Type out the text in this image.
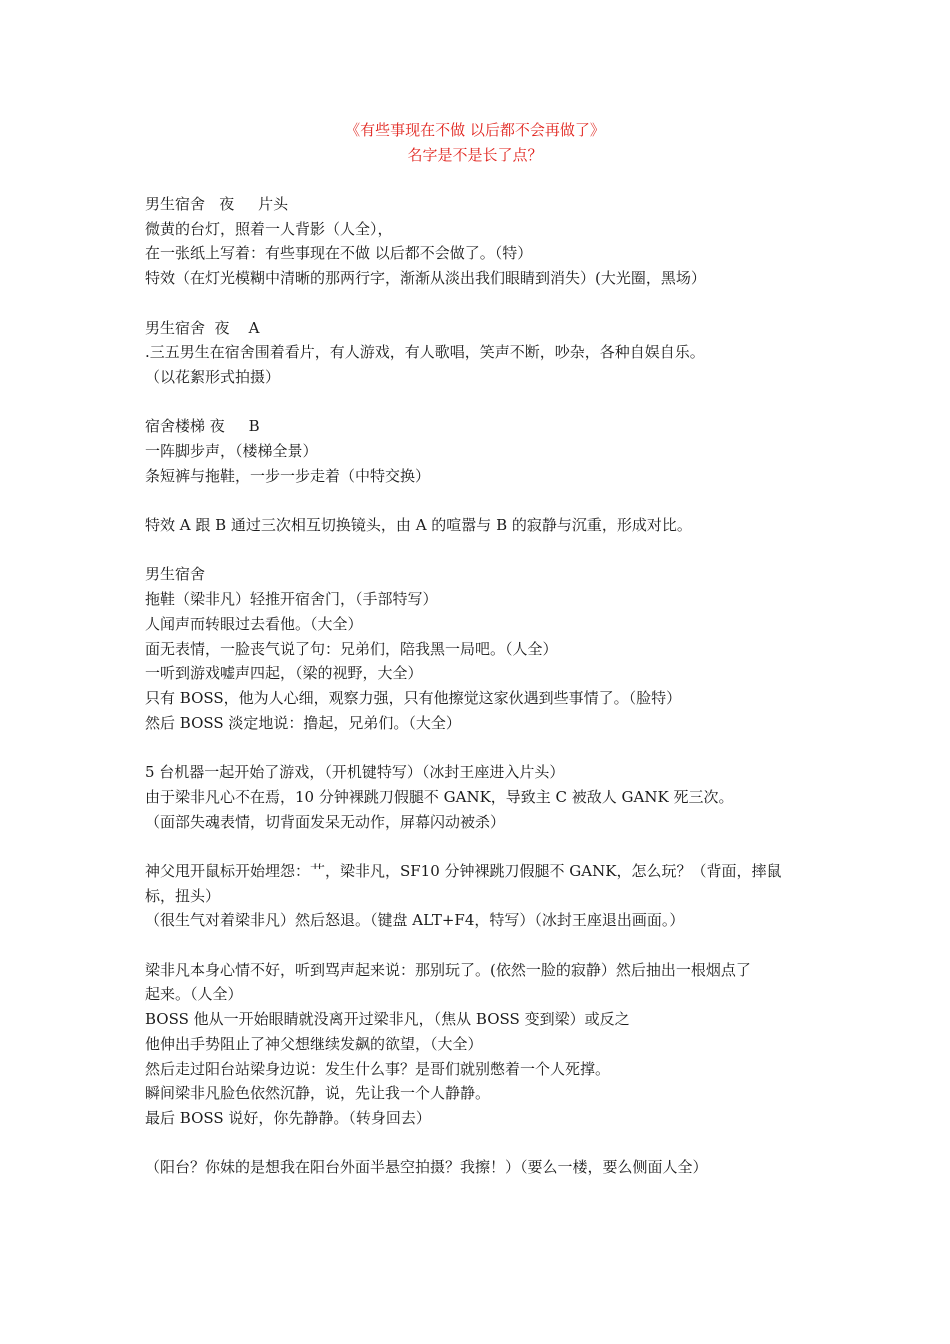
《有些事现在不做 以后都不会再做了》
名字是不是长了点？

男生宿舍   夜     片头

微黄的台灯，照着一人背影（人全），

在一张纸上写着：有些事现在不做 以后都不会做了。（特）

特效（在灯光模糊中清晰的那两行字，渐渐从淡出我们眼睛到消失）(大光圈，黑场）

男生宿舍  夜    A

.三五男生在宿舍围着看片，有人游戏，有人歌唱，笑声不断，吵杂，各种自娱自乐。

（以花絮形式拍摄）

宿舍楼梯 夜     B

一阵脚步声，（楼梯全景）

条短裤与拖鞋，一步一步走着（中特交换）

特效 A 跟 B 通过三次相互切换镜头，由 A 的喧嚣与 B 的寂静与沉重，形成对比。

男生宿舍

拖鞋（梁非凡）轻推开宿舍门，（手部特写）

人闻声而转眼过去看他。（大全）

面无表情，一脸丧气说了句：兄弟们，陪我黑一局吧。（人全）

一听到游戏嘘声四起，（梁的视野，大全）

只有 BOSS，他为人心细，观察力强，只有他擦觉这家伙遇到些事情了。（脸特）

然后 BOSS 淡定地说：撸起，兄弟们。（大全）

5 台机器一起开始了游戏，（开机键特写）（冰封王座进入片头）

由于梁非凡心不在焉，10 分钟裸跳刀假腿不 GANK，导致主 C 被敌人 GANK 死三次。

（面部失魂表情，切背面发呆无动作，屏幕闪动被杀）

神父甩开鼠标开始埋怨：艹，梁非凡，SF10 分钟裸跳刀假腿不 GANK，怎么玩？（背面，摔鼠

标，扭头）

（很生气对着梁非凡）然后怒退。（键盘 ALT+F4，特写）（冰封王座退出画面。）

梁非凡本身心情不好，听到骂声起来说：那别玩了。(依然一脸的寂静）然后抽出一根烟点了

起来。（人全）

BOSS 他从一开始眼睛就没离开过梁非凡，（焦从 BOSS 变到梁）或反之

他伸出手势阻止了神父想继续发飙的欲望，（大全）

然后走过阳台站梁身边说：发生什么事？是哥们就别憋着一个人死撑。

瞬间梁非凡脸色依然沉静，说，先让我一个人静静。

最后 BOSS 说好，你先静静。（转身回去）

（阳台？你妹的是想我在阳台外面半悬空拍摄？我擦！）（要么一楼，要么侧面人全）
